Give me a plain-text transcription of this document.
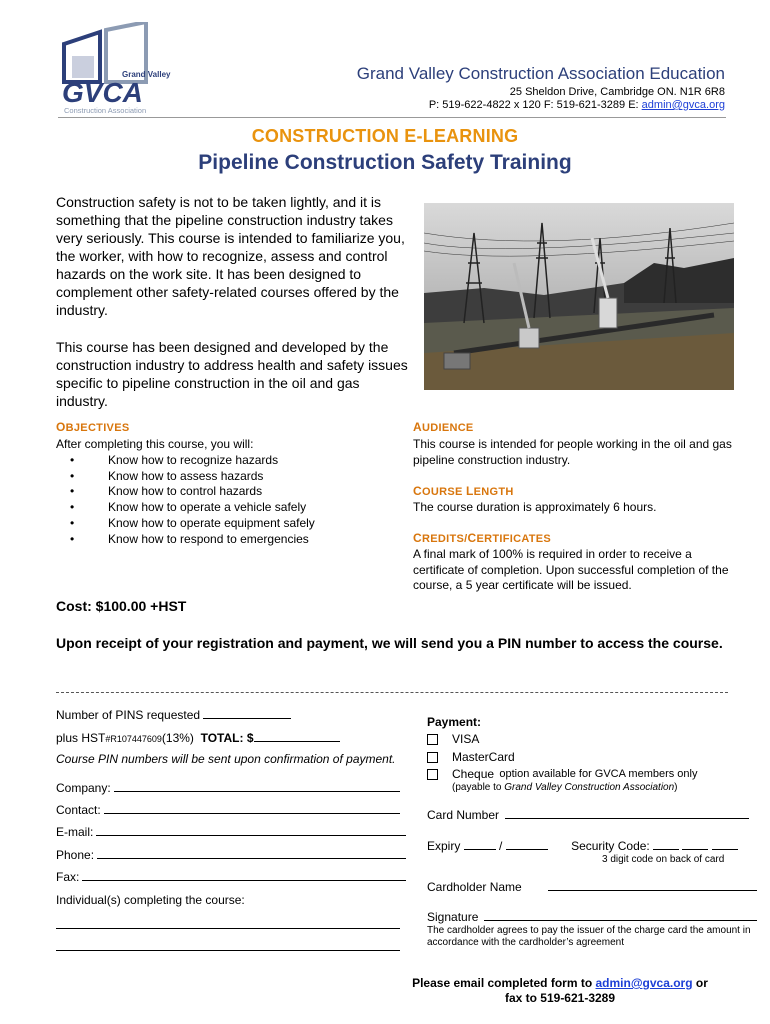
Grand Valley
GVCA
Construction Association
Grand Valley Construction Association Education
25 Sheldon Drive, Cambridge ON. N1R 6R8
P: 519-622-4822 x 120 F: 519-621-3289 E: admin@gvca.org
CONSTRUCTION E-LEARNING
Pipeline Construction Safety Training
Construction safety is not to be taken lightly, and it is something that the pipeline construction industry takes very seriously. This course is intended to familiarize you, the worker, with how to recognize, assess and control hazards on the work site. It has been designed to complement other safety-related courses offered by the industry.
This course has been designed and developed by the construction industry to address health and safety issues specific to pipeline construction in the oil and gas industry.
OBJECTIVES
After completing this course, you will:
• Know how to recognize hazards
• Know how to assess hazards
• Know how to control hazards
• Know how to operate a vehicle safely
• Know how to operate equipment safely
• Know how to respond to emergencies
AUDIENCE
This course is intended for people working in the oil and gas pipeline construction industry.
COURSE LENGTH
The course duration is approximately 6 hours.
CREDITS/CERTIFICATES
A final mark of 100% is required in order to receive a certificate of completion. Upon successful completion of the course, a 5 year certificate will be issued.
Cost: $100.00 +HST
Upon receipt of your registration and payment, we will send you a PIN number to access the course.
Number of PINS requested
plus HST#R107447609(13%) TOTAL: $
Course PIN numbers will be sent upon confirmation of payment.
Company:
Contact:
E-mail:
Phone:
Fax:
Individual(s) completing the course:
Payment:
VISA
MasterCard
Cheque
option available for GVCA members only
(payable to Grand Valley Construction Association)
Card Number
Expiry	/	Security Code:
3 digit code on back of card
Cardholder Name
Signature
The cardholder agrees to pay the issuer of the charge card the amount in accordance with the cardholder’s agreement
Please email completed form to admin@gvca.org or
fax to 519-621-3289
